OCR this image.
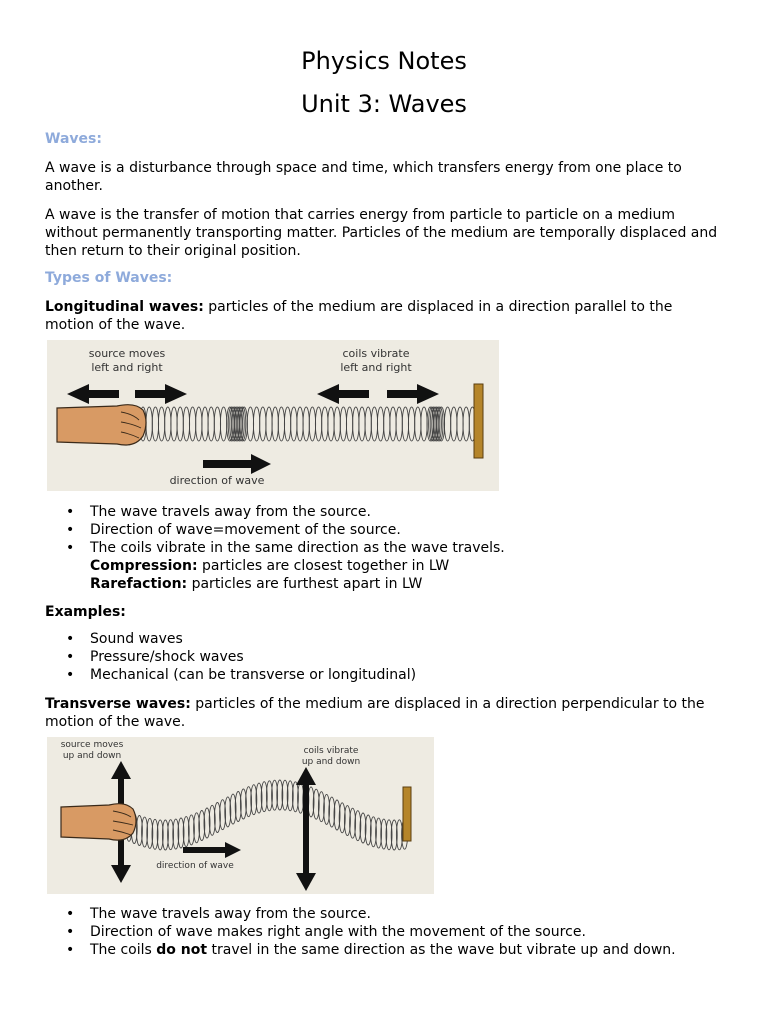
Physics Notes
Unit 3: Waves
Waves:

A wave is a disturbance through space and time, which transfers energy from one place to another.

A wave is the transfer of motion that carries energy from particle to particle on a medium without permanently transporting matter. Particles of the medium are temporally displaced and then return to their original position.

Types of Waves:

Longitudinal waves: particles of the medium are displaced in a direction parallel to the motion of the wave.

source moves
left and right
coils vibrate
left and right
direction of wave
• The wave travels away from the source.
• Direction of wave=movement of the source.
• The coils vibrate in the same direction as the wave travels.
Compression: particles are closest together in LW
Rarefaction: particles are furthest apart in LW
Examples:
• Sound waves
• Pressure/shock waves
• Mechanical (can be transverse or longitudinal)

Transverse waves: particles of the medium are displaced in a direction perpendicular to the motion of the wave.

source moves
up and down	coils vibrate
up and down
direction of wave
• The wave travels away from the source.
• Direction of wave makes right angle with the movement of the source.
• The coils do not travel in the same direction as the wave but vibrate up and down.
